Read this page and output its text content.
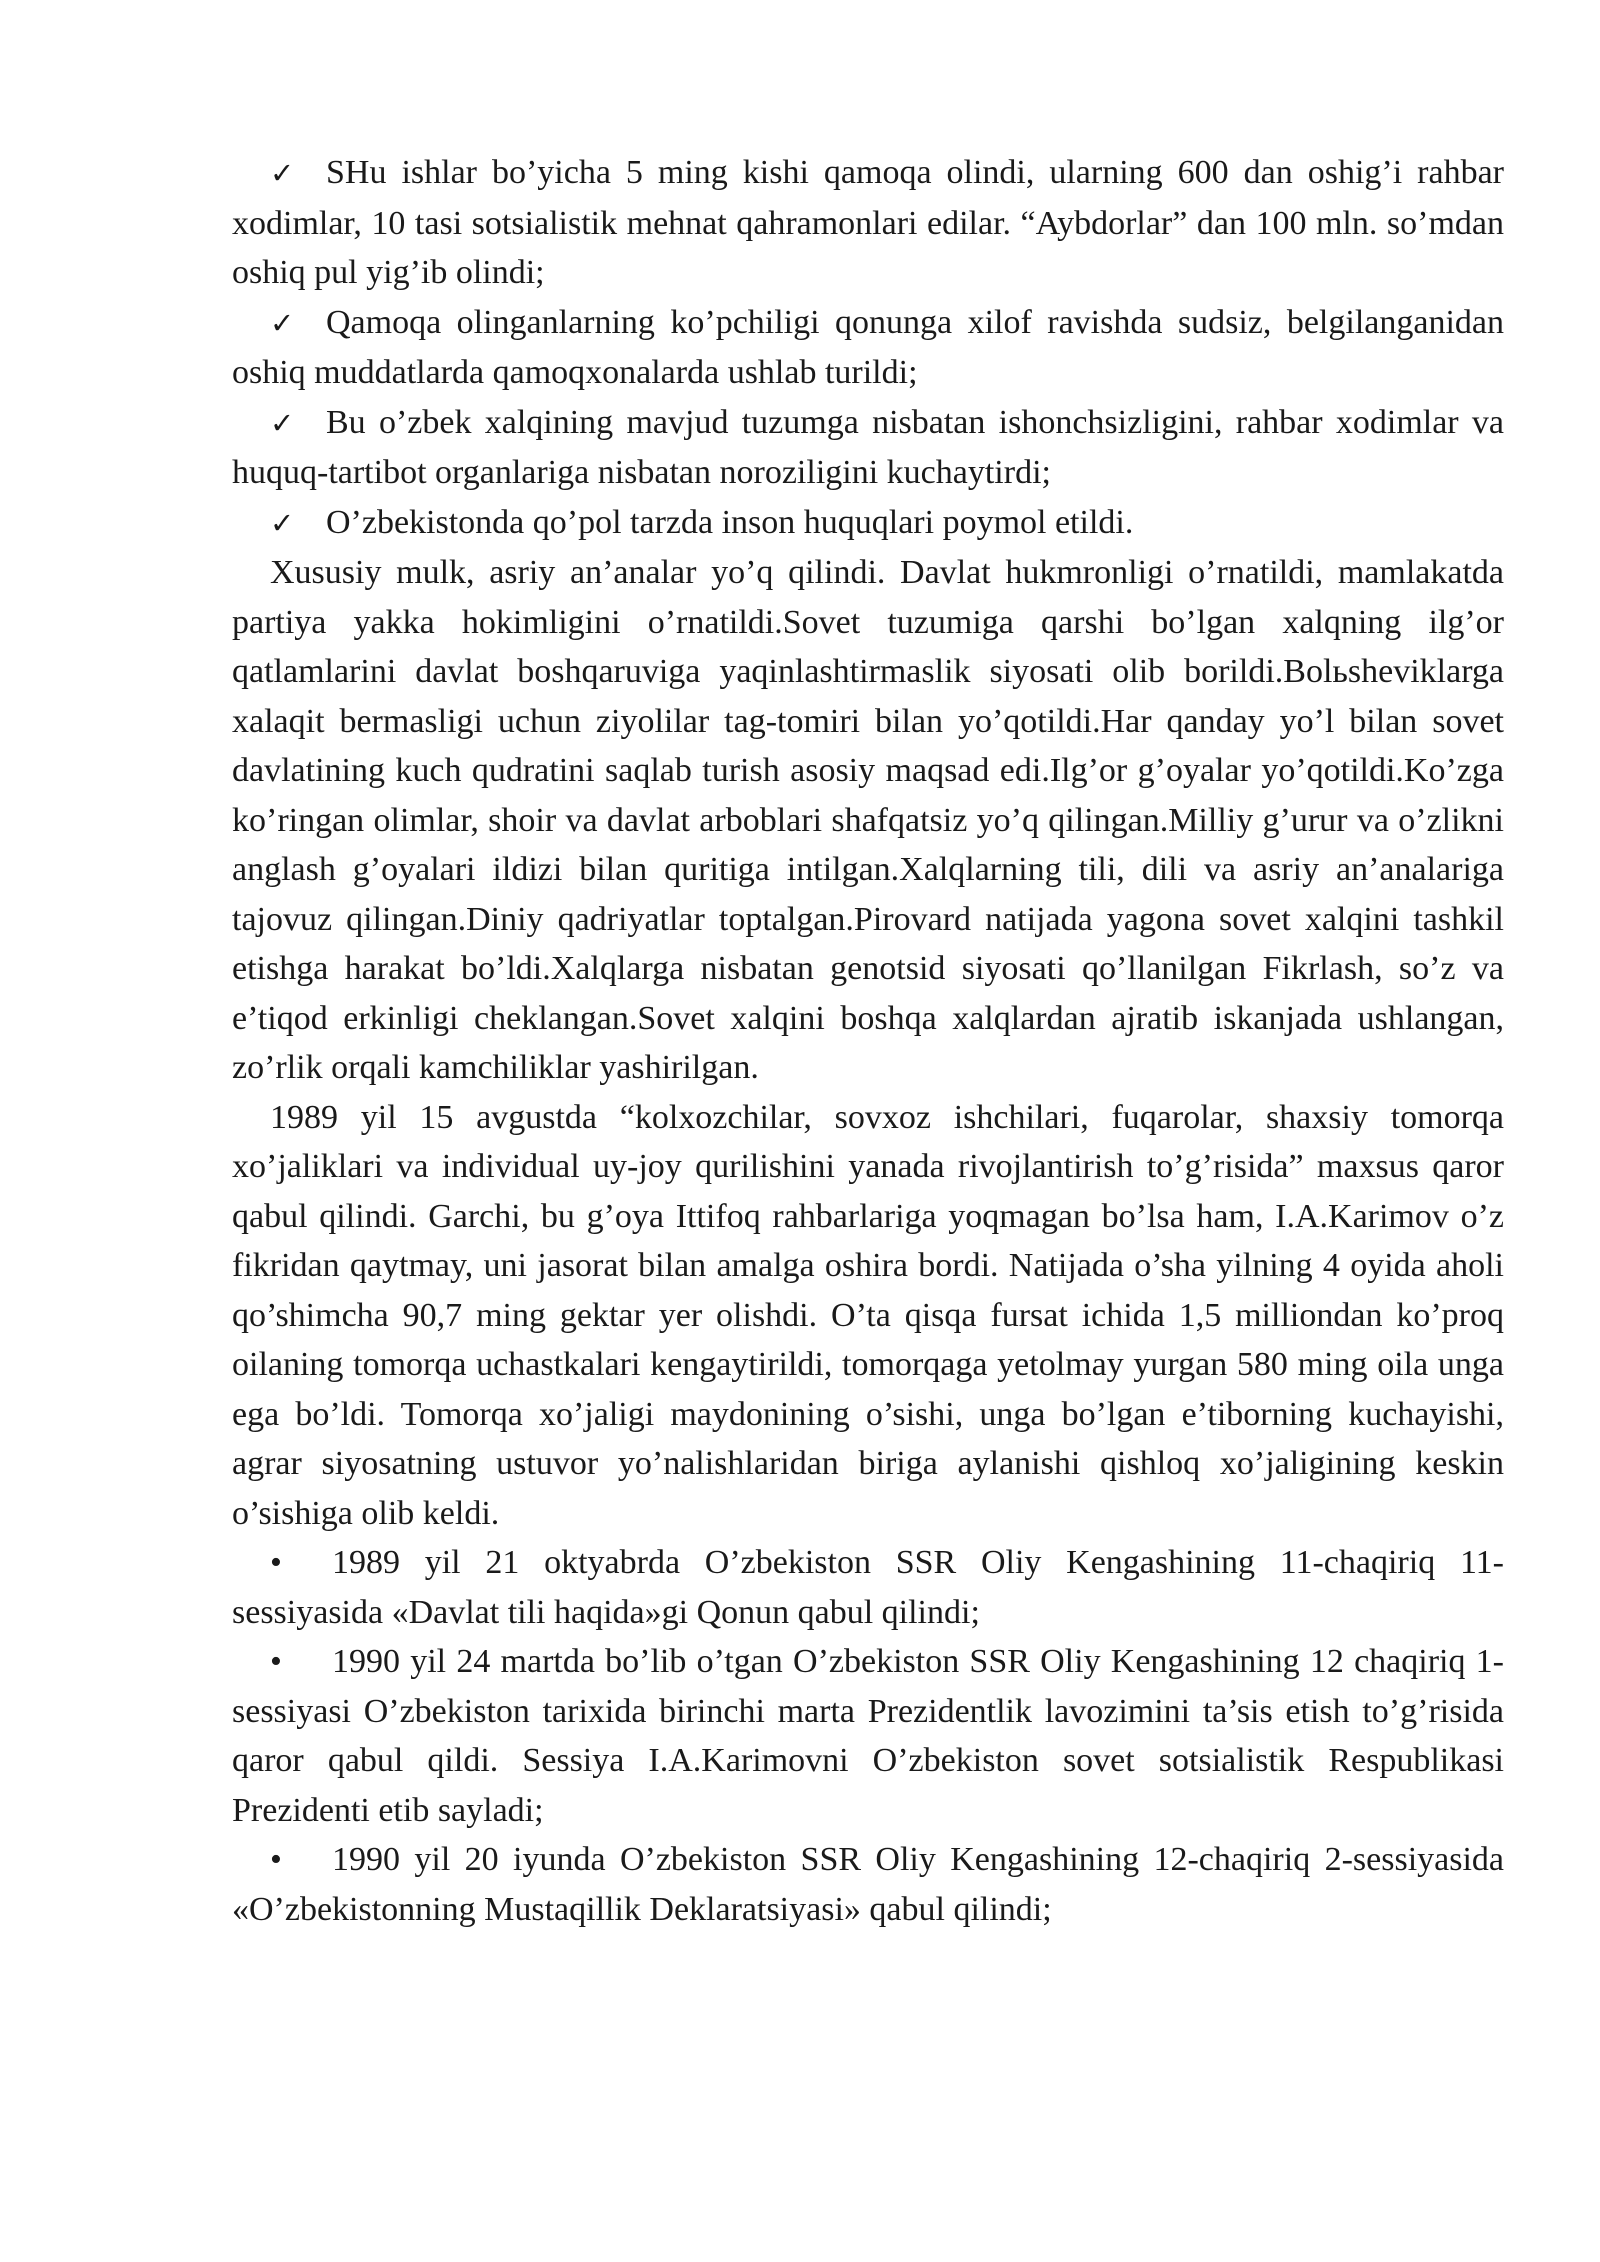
✓ SHu ishlar bo’yicha 5 ming kishi qamoqa olindi, ularning 600 dan oshig’i rahbar xodimlar, 10 tasi sotsialistik mehnat qahramonlari edilar. “Aybdorlar” dan 100 mln. so’mdan oshiq pul yig’ib olindi;

✓ Qamoqa olinganlarning ko’pchiligi qonunga xilof ravishda sudsiz, belgilanganidan oshiq muddatlarda qamoqxonalarda ushlab turildi;

✓ Bu o’zbek xalqining mavjud tuzumga nisbatan ishonchsizligini, rahbar xodimlar va huquq-tartibot organlariga nisbatan noroziligini kuchaytirdi;

✓ O’zbekistonda qo’pol tarzda inson huquqlari poymol etildi.

Xususiy mulk, asriy an’analar yo’q qilindi. Davlat hukmronligi o’rnatildi, mamlakatda partiya yakka hokimligini o’rnatildi.Sovet tuzumiga qarshi bo’lgan xalqning ilg’or qatlamlarini davlat boshqaruviga yaqinlashtirmaslik siyosati olib borildi.Bolьsheviklarga xalaqit bermasligi uchun ziyolilar tag-tomiri bilan yo’qotildi.Har qanday yo’l bilan sovet davlatining kuch qudratini saqlab turish asosiy maqsad edi.Ilg’or g’oyalar yo’qotildi.Ko’zga ko’ringan olimlar, shoir va davlat arboblari shafqatsiz yo’q qilingan.Milliy g’urur va o’zlikni anglash g’oyalari ildizi bilan quritiga intilgan.Xalqlarning tili, dili va asriy an’analariga tajovuz qilingan.Diniy qadriyatlar toptalgan.Pirovard natijada yagona sovet xalqini tashkil etishga harakat bo’ldi.Xalqlarga nisbatan genotsid siyosati qo’llanilgan Fikrlash, so’z va e’tiqod erkinligi cheklangan.Sovet xalqini boshqa xalqlardan ajratib iskanjada ushlangan, zo’rlik orqali kamchiliklar yashirilgan.

1989 yil 15 avgustda “kolxozchilar, sovxoz ishchilari, fuqarolar, shaxsiy tomorqa xo’jaliklari va individual uy-joy qurilishini yanada rivojlantirish to’g’risida” maxsus qaror qabul qilindi. Garchi, bu g’oya Ittifoq rahbarlariga yoqmagan bo’lsa ham, I.A.Karimov o’z fikridan qaytmay, uni jasorat bilan amalga oshira bordi. Natijada o’sha yilning 4 oyida aholi qo’shimcha 90,7 ming gektar yer olishdi. O’ta qisqa fursat ichida 1,5 milliondan ko’proq oilaning tomorqa uchastkalari kengaytirildi, tomorqaga yetolmay yurgan 580 ming oila unga ega bo’ldi. Tomorqa xo’jaligi maydonining o’sishi, unga bo’lgan e’tiborning kuchayishi, agrar siyosatning ustuvor yo’nalishlaridan biriga aylanishi qishloq xo’jaligining keskin o’sishiga olib keldi.

• 1989 yil 21 oktyabrda O’zbekiston SSR Oliy Kengashining 11-chaqiriq 11-sessiyasida «Davlat tili haqida»gi Qonun qabul qilindi;

• 1990 yil 24 martda bo’lib o’tgan O’zbekiston SSR Oliy Kengashining 12 chaqiriq 1-sessiyasi O’zbekiston tarixida birinchi marta Prezidentlik lavozimini ta’sis etish to’g’risida qaror qabul qildi. Sessiya I.A.Karimovni O’zbekiston sovet sotsialistik Respublikasi Prezidenti etib sayladi;

• 1990 yil 20 iyunda O’zbekiston SSR Oliy Kengashining 12-chaqiriq 2-sessiyasida «O’zbekistonning Mustaqillik Deklaratsiyasi» qabul qilindi;
